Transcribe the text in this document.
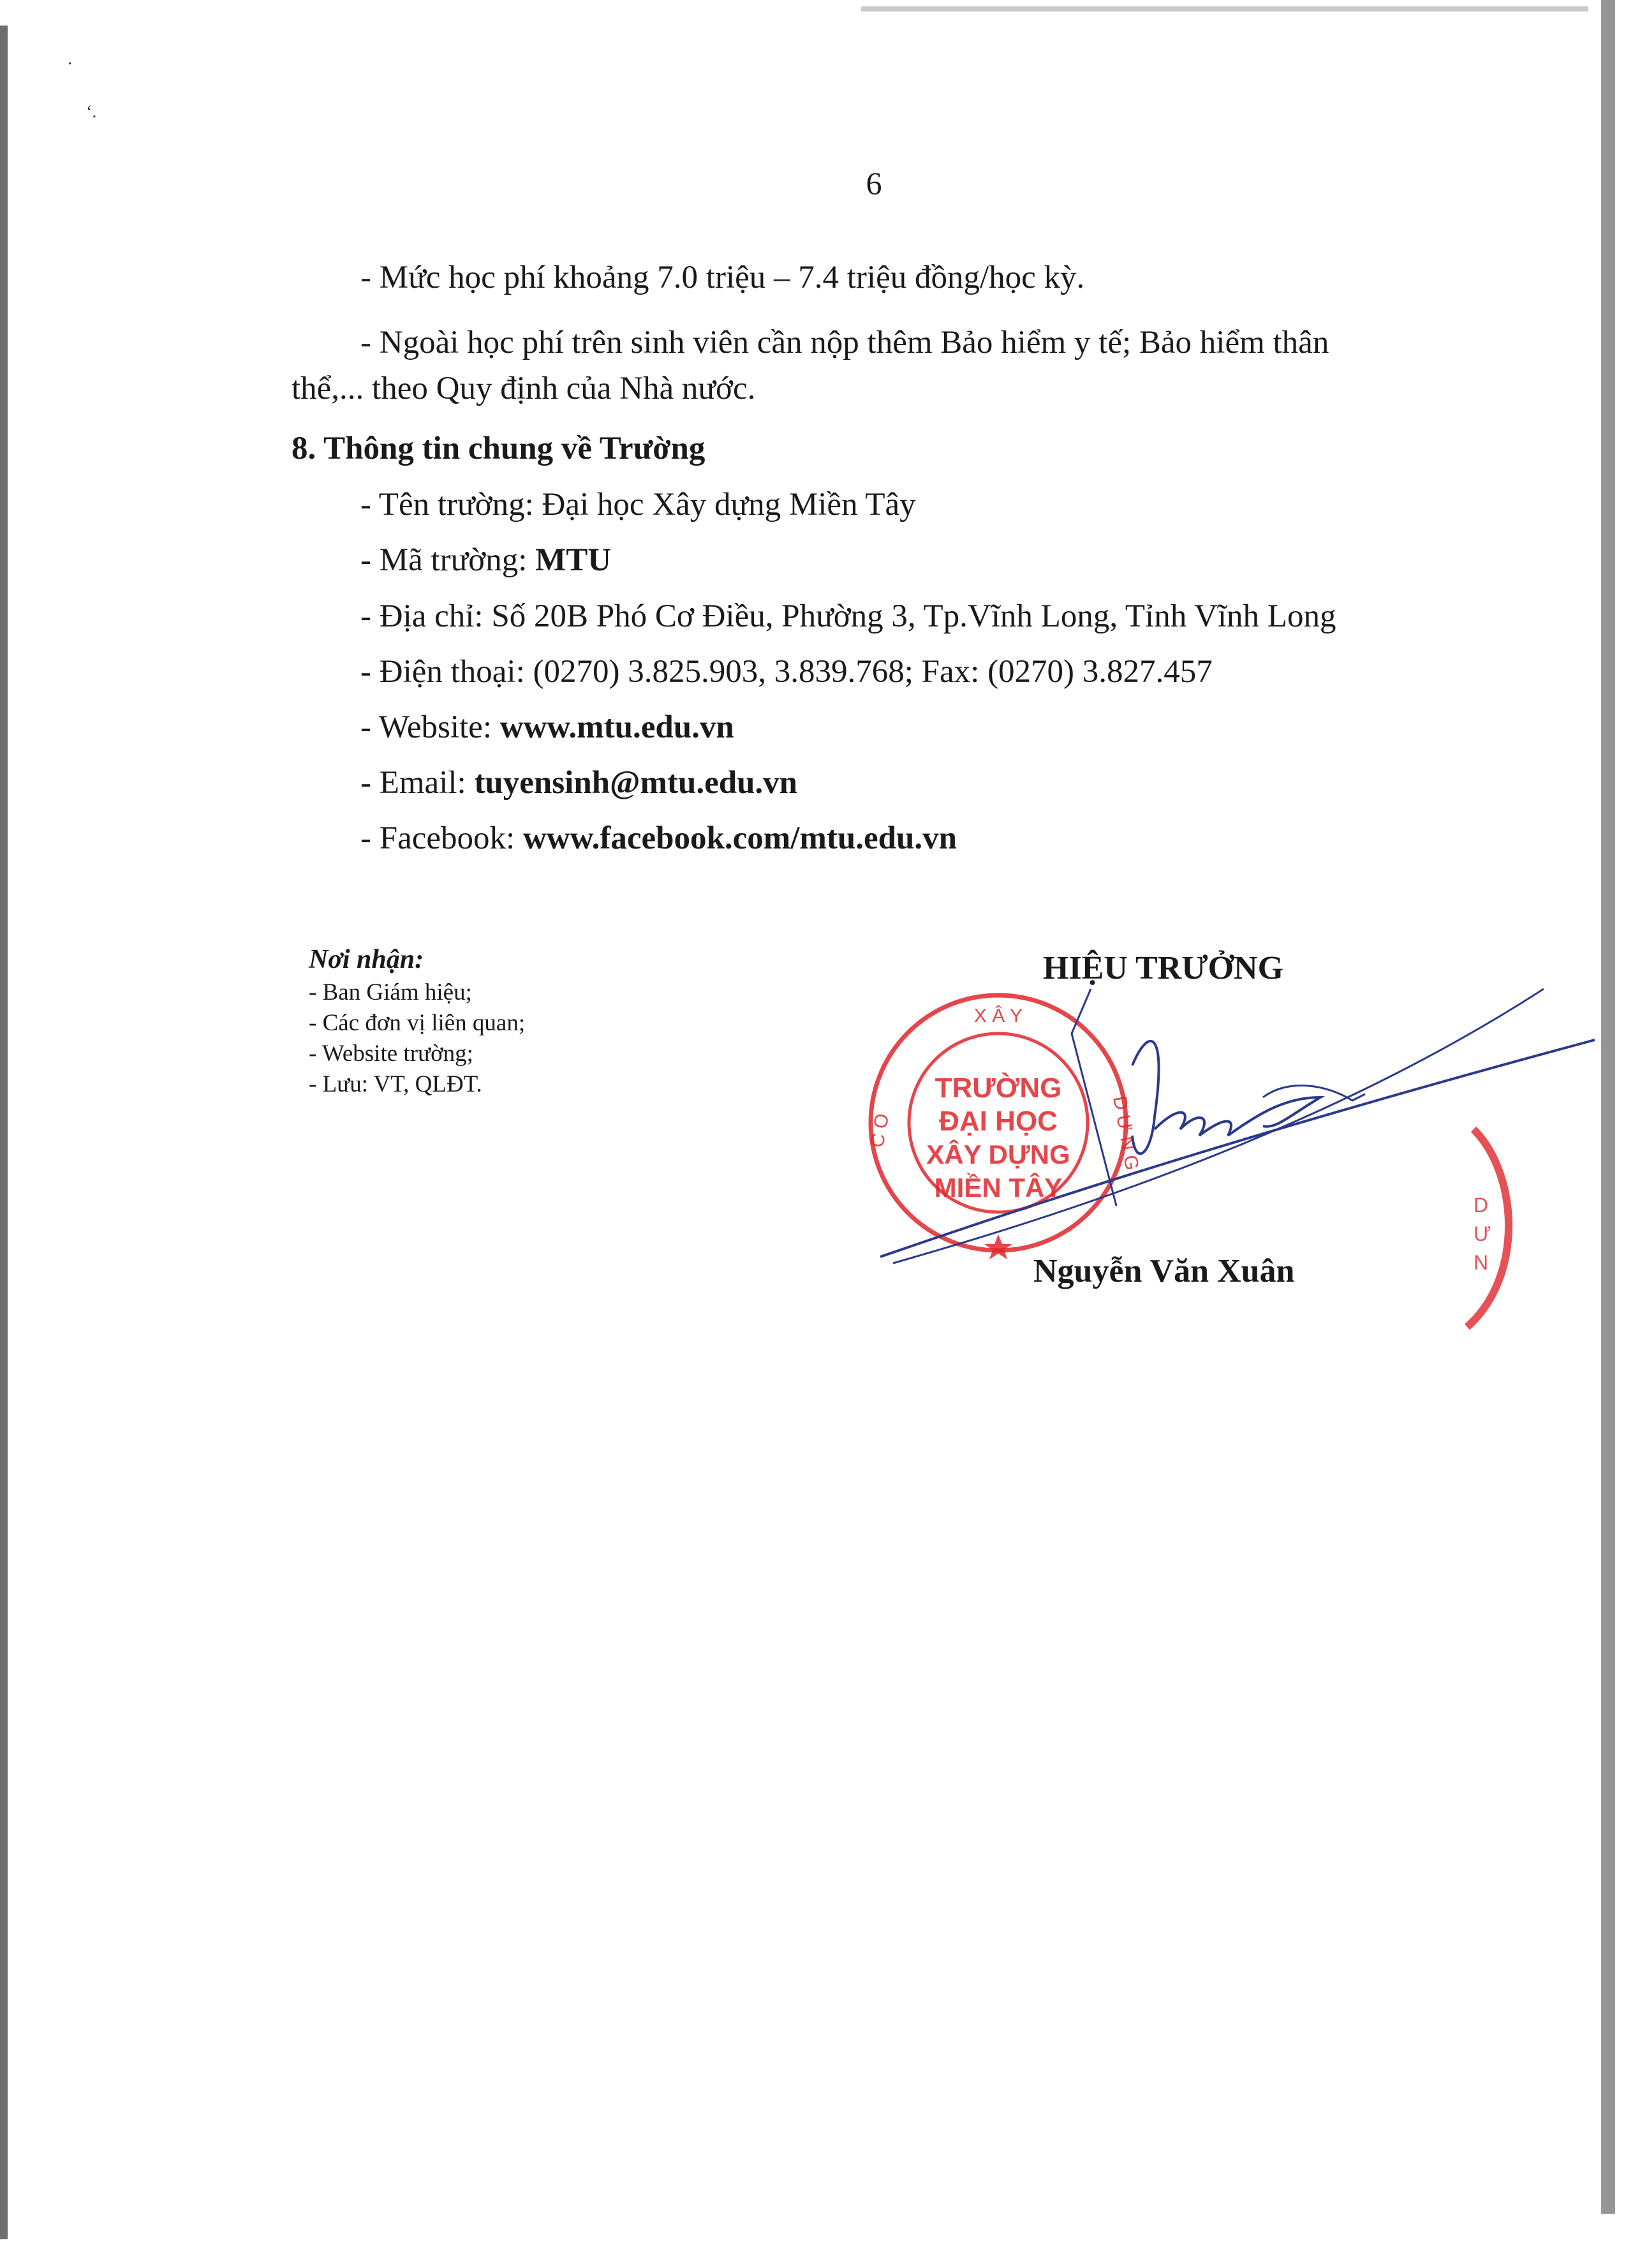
·
ʻ.
6
- Mức học phí khoảng 7.0 triệu – 7.4 triệu đồng/học kỳ.
- Ngoài học phí trên sinh viên cần nộp thêm Bảo hiểm y tế; Bảo hiểm thân
thể,... theo Quy định của Nhà nước.
8. Thông tin chung về Trường
- Tên trường: Đại học Xây dựng Miền Tây
- Mã trường: MTU
- Địa chỉ: Số 20B Phó Cơ Điều, Phường 3, Tp.Vĩnh Long, Tỉnh Vĩnh Long
- Điện thoại: (0270) 3.825.903, 3.839.768; Fax: (0270) 3.827.457
- Website: www.mtu.edu.vn
- Email: tuyensinh@mtu.edu.vn
- Facebook: www.facebook.com/mtu.edu.vn
Nơi nhận:
- Ban Giám hiệu;
- Các đơn vị liên quan;
- Website trường;
- Lưu: VT, QLĐT.
HIỆU TRƯỞNG
X Â Y
TRƯỜNG
ĐẠI HỌC
XÂY DỰNG
MIỀN TÂY
C O	D Ư N G
D
Ư
N
Nguyễn Văn Xuân
